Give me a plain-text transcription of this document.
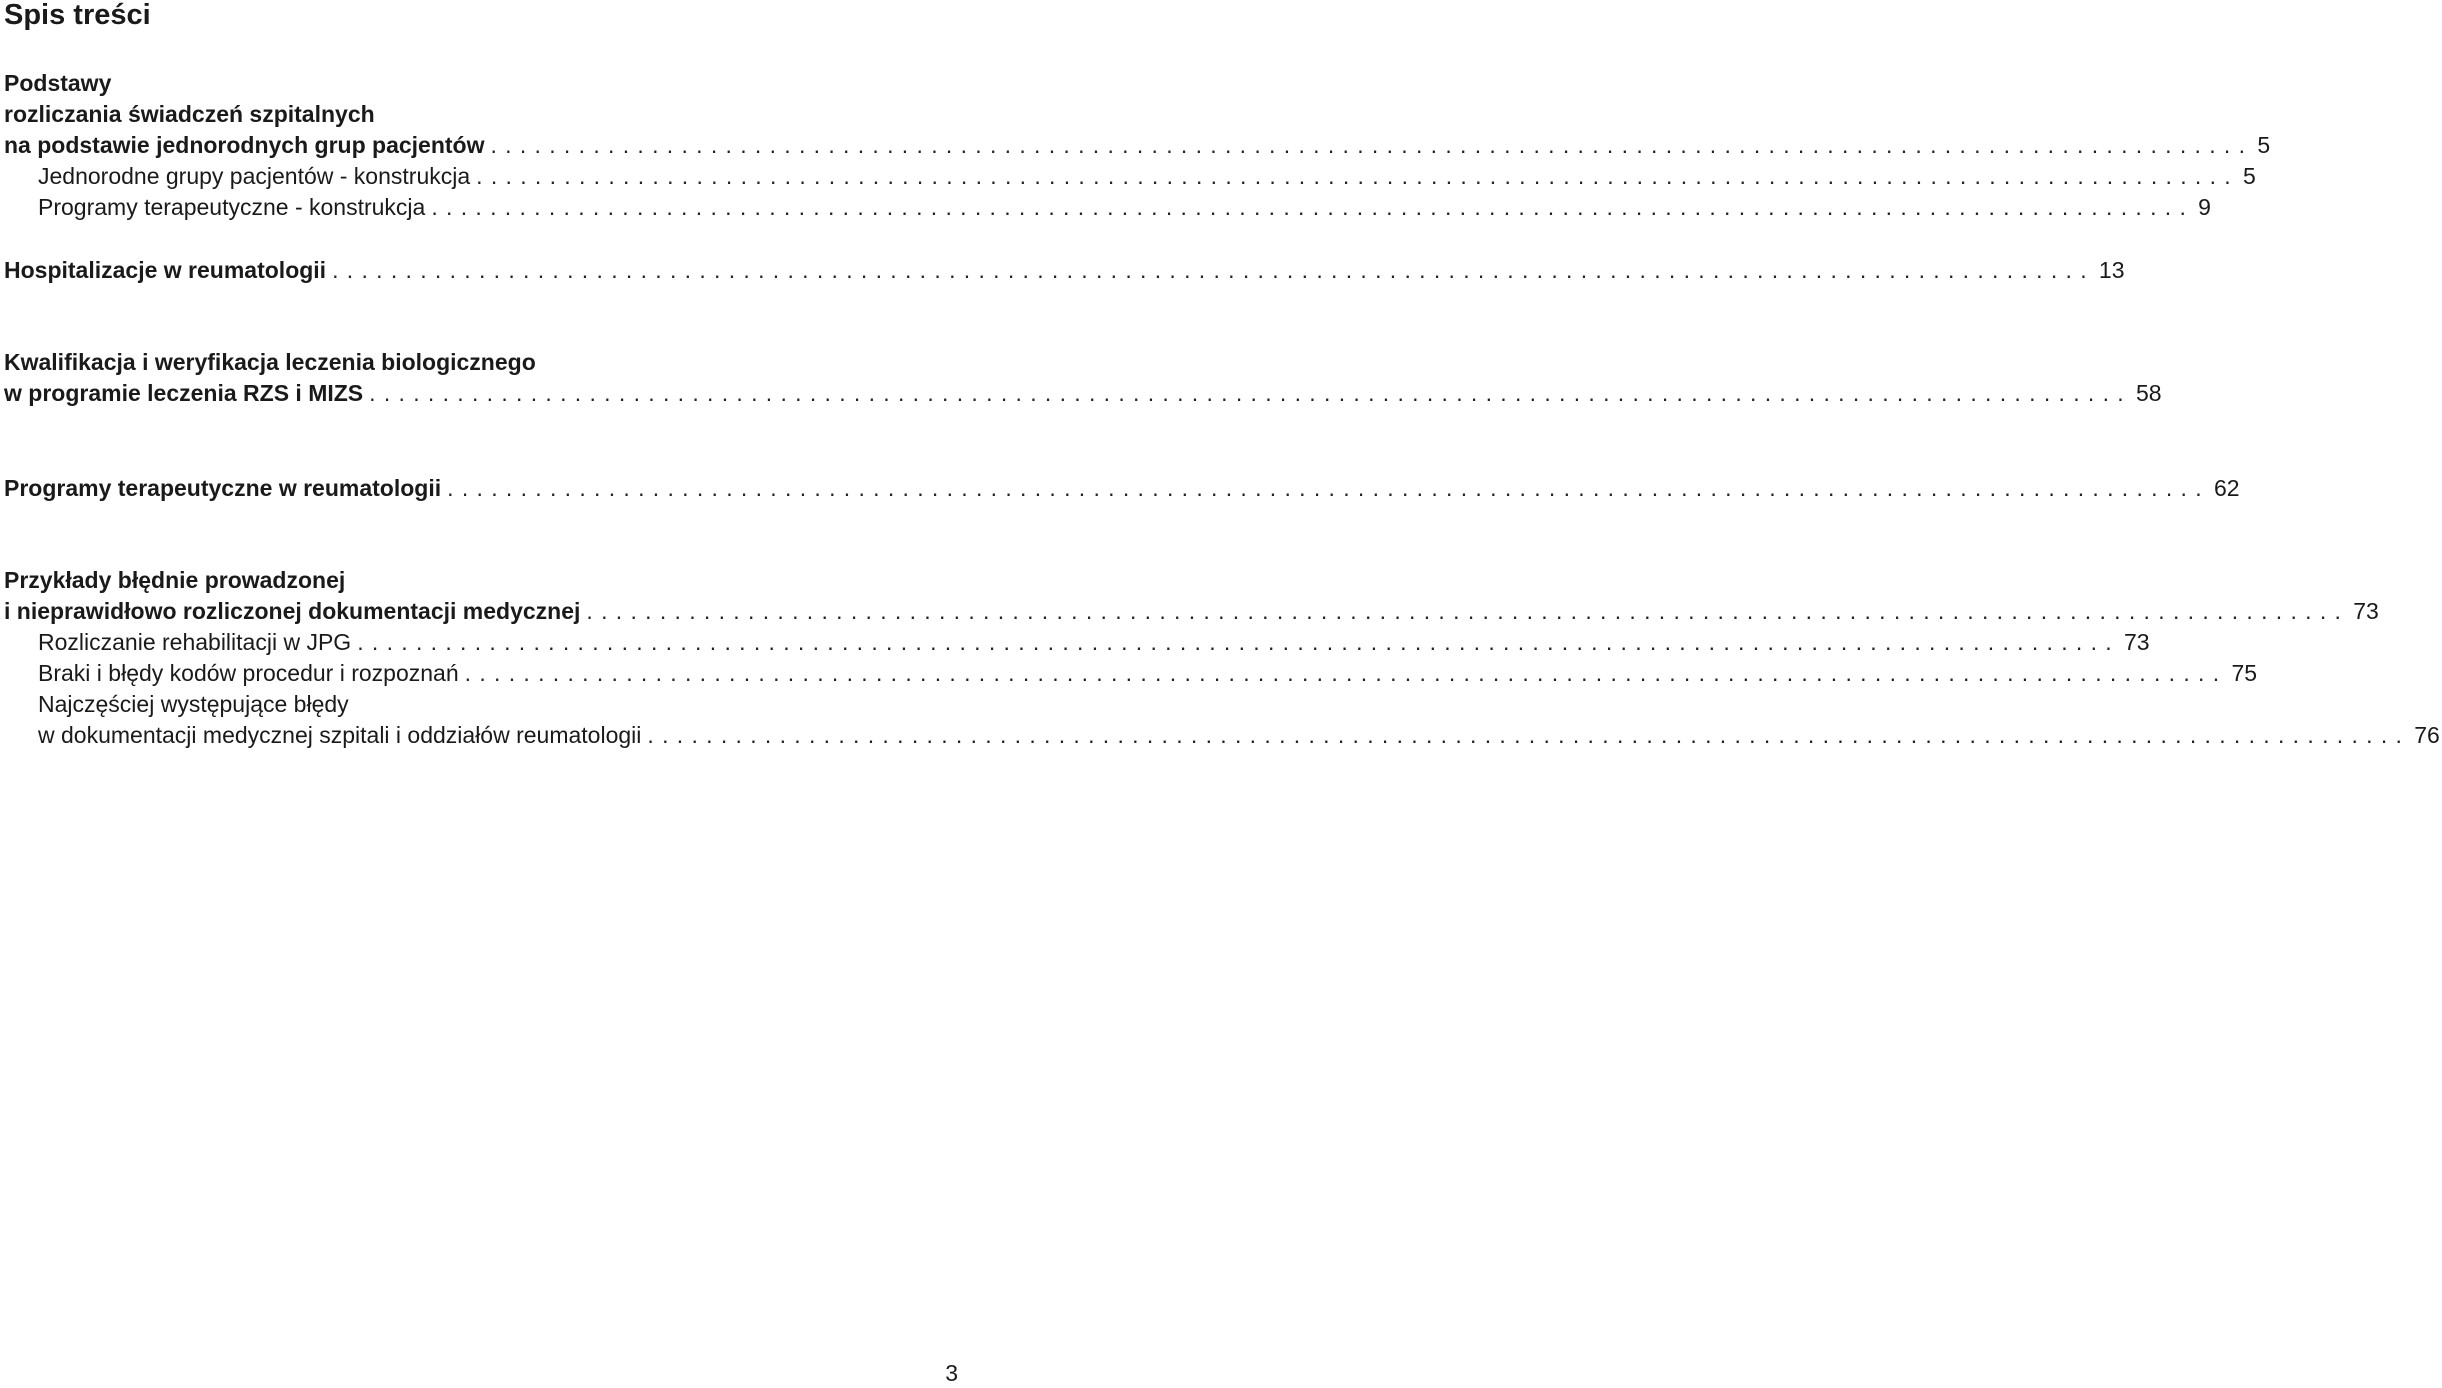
Spis treści
Podstawy
rozliczania świadczeń szpitalnych
na podstawie jednorodnych grup pacjentów ........................................................................................................................ 5
Jednorodne grupy pacjentów - konstrukcja ........................................................................................................................ 5
Programy terapeutyczne - konstrukcja ........................................................................................................................ 9
Hospitalizacje w reumatologii ........................................................................................................................ 13
Kwalifikacja i weryfikacja leczenia biologicznego
w programie leczenia RZS i MIZS ........................................................................................................................ 58
Programy terapeutyczne w reumatologii ........................................................................................................................ 62
Przykłady błędnie prowadzonej
i nieprawidłowo rozliczonej dokumentacji medycznej ........................................................................................................................ 73
Rozliczanie rehabilitacji w JPG ........................................................................................................................ 73
Braki i błędy kodów procedur i rozpoznań ........................................................................................................................ 75
Najczęściej występujące błędy
w dokumentacji medycznej szpitali i oddziałów reumatologii ........................................................................................................................ 76
3
